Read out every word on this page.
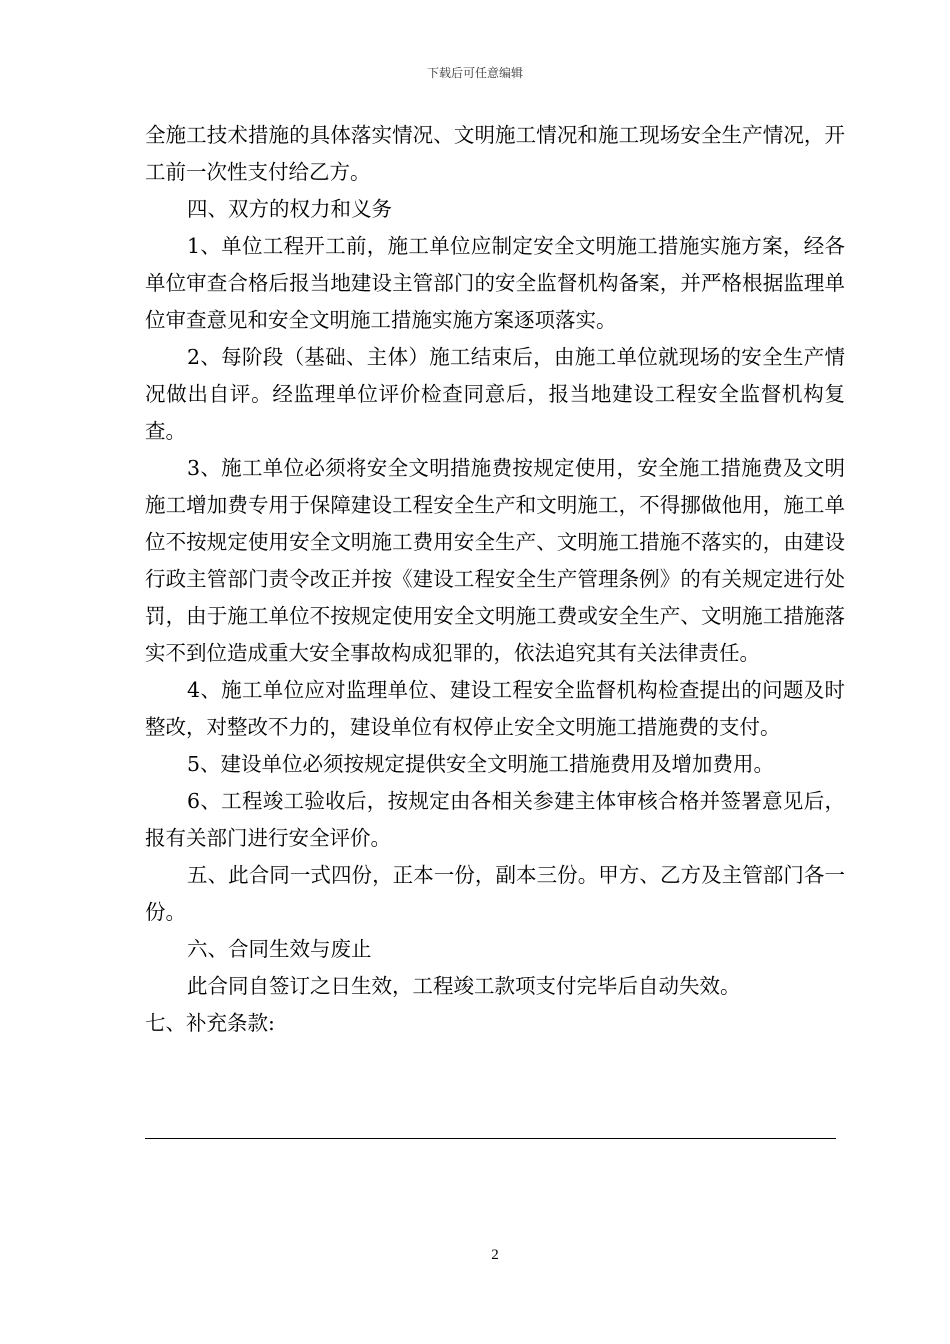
下载后可任意编辑

全施工技术措施的具体落实情况、文明施工情况和施工现场安全生产情况，开工前一次性支付给乙方。

四、双方的权力和义务

1、单位工程开工前，施工单位应制定安全文明施工措施实施方案，经各单位审查合格后报当地建设主管部门的安全监督机构备案，并严格根据监理单位审查意见和安全文明施工措施实施方案逐项落实。

2、每阶段（基础、主体）施工结束后，由施工单位就现场的安全生产情况做出自评。经监理单位评价检查同意后，报当地建设工程安全监督机构复查。

3、施工单位必须将安全文明措施费按规定使用，安全施工措施费及文明施工增加费专用于保障建设工程安全生产和文明施工，不得挪做他用，施工单位不按规定使用安全文明施工费用安全生产、文明施工措施不落实的，由建设行政主管部门责令改正并按《建设工程安全生产管理条例》的有关规定进行处罚，由于施工单位不按规定使用安全文明施工费或安全生产、文明施工措施落实不到位造成重大安全事故构成犯罪的，依法追究其有关法律责任。

4、施工单位应对监理单位、建设工程安全监督机构检查提出的问题及时整改，对整改不力的，建设单位有权停止安全文明施工措施费的支付。

5、建设单位必须按规定提供安全文明施工措施费用及增加费用。

6、工程竣工验收后，按规定由各相关参建主体审核合格并签署意见后，报有关部门进行安全评价。

五、此合同一式四份，正本一份，副本三份。甲方、乙方及主管部门各一份。

六、合同生效与废止

此合同自签订之日生效，工程竣工款项支付完毕后自动失效。

七、补充条款:

2
